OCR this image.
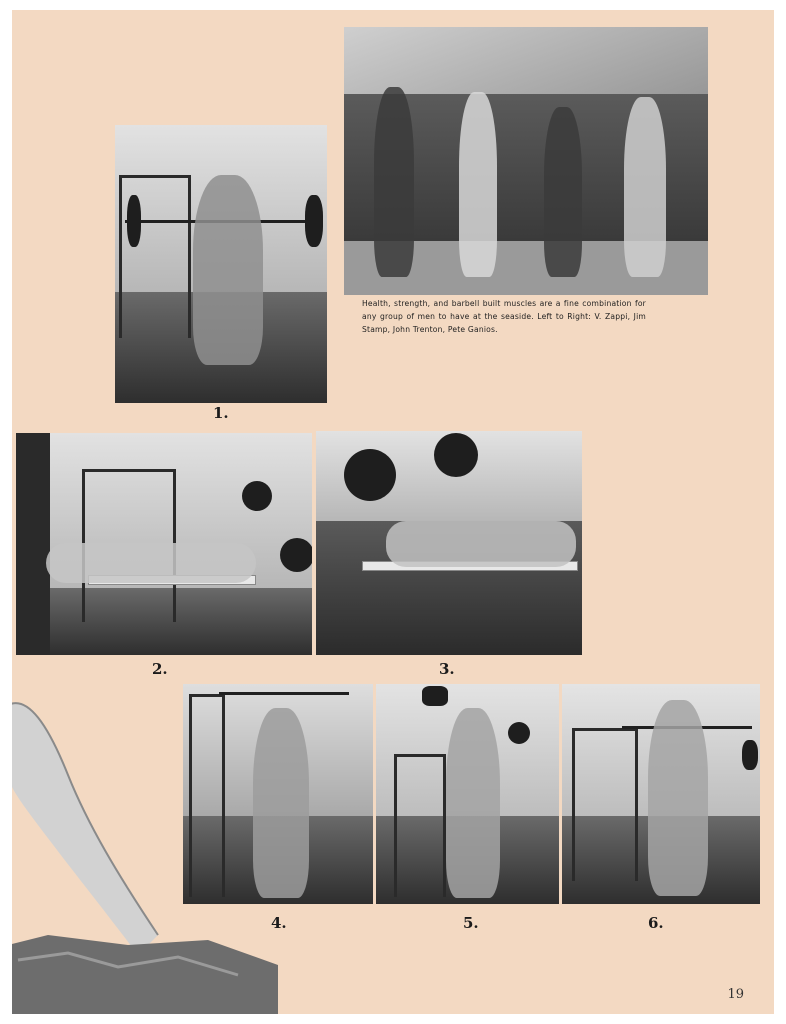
Health, strength, and barbell built muscles are a fine combination for any group of men to have at the seaside. Left to Right: V. Zappi, Jim Stamp, John Trenton, Pete Ganios.
1.
2.	3.
4.	5.	6.
19
